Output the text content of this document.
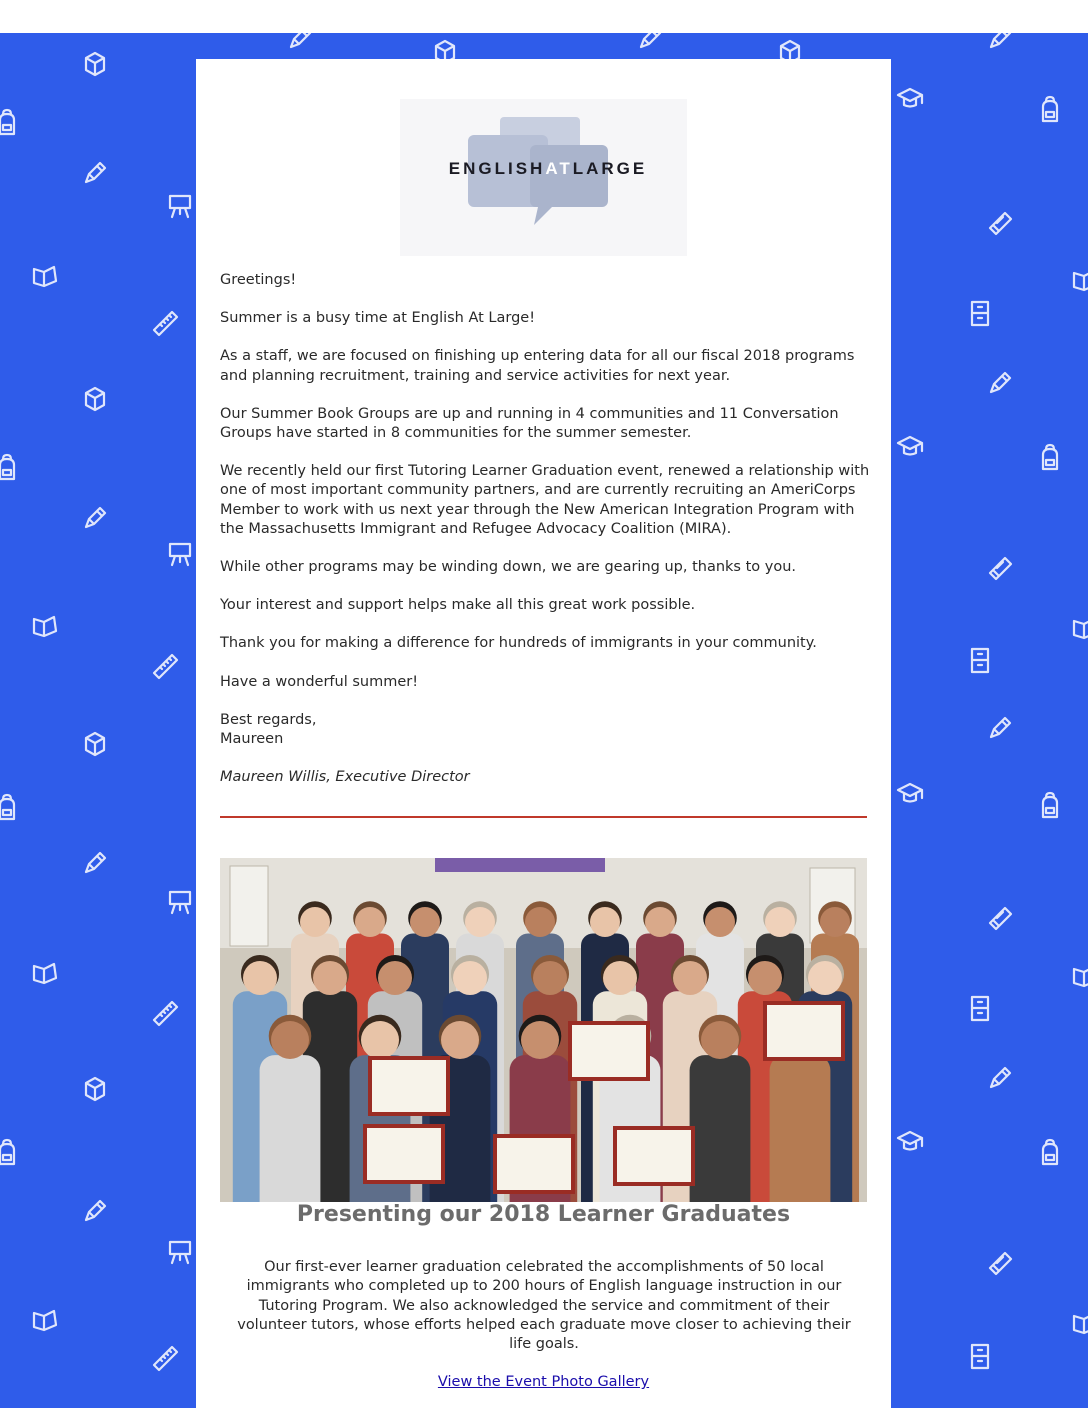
ENGLISHATLARGE

Greetings!

Summer is a busy time at English At Large!

As a staff, we are focused on finishing up entering data for all our fiscal 2018 programs and planning recruitment, training and service activities for next year.

Our Summer Book Groups are up and running in 4 communities and 11 Conversation Groups have started in 8 communities for the summer semester.

We recently held our first Tutoring Learner Graduation event, renewed a relationship with one of most important community partners, and are currently recruiting an AmeriCorps Member to work with us next year through the New American Integration Program with the Massachusetts Immigrant and Refugee Advocacy Coalition (MIRA).

While other programs may be winding down, we are gearing up, thanks to you.

Your interest and support helps make all this great work possible.

Thank you for making a difference for hundreds of immigrants in your community.

Have a wonderful summer!

Best regards,
Maureen

Maureen Willis, Executive Director

Presenting our 2018 Learner Graduates
Our first-ever learner graduation celebrated the accomplishments of 50 local immigrants who completed up to 200 hours of English language instruction in our Tutoring Program. We also acknowledged the service and commitment of their volunteer tutors, whose efforts helped each graduate move closer to achieving their life goals.
View the Event Photo Gallery
